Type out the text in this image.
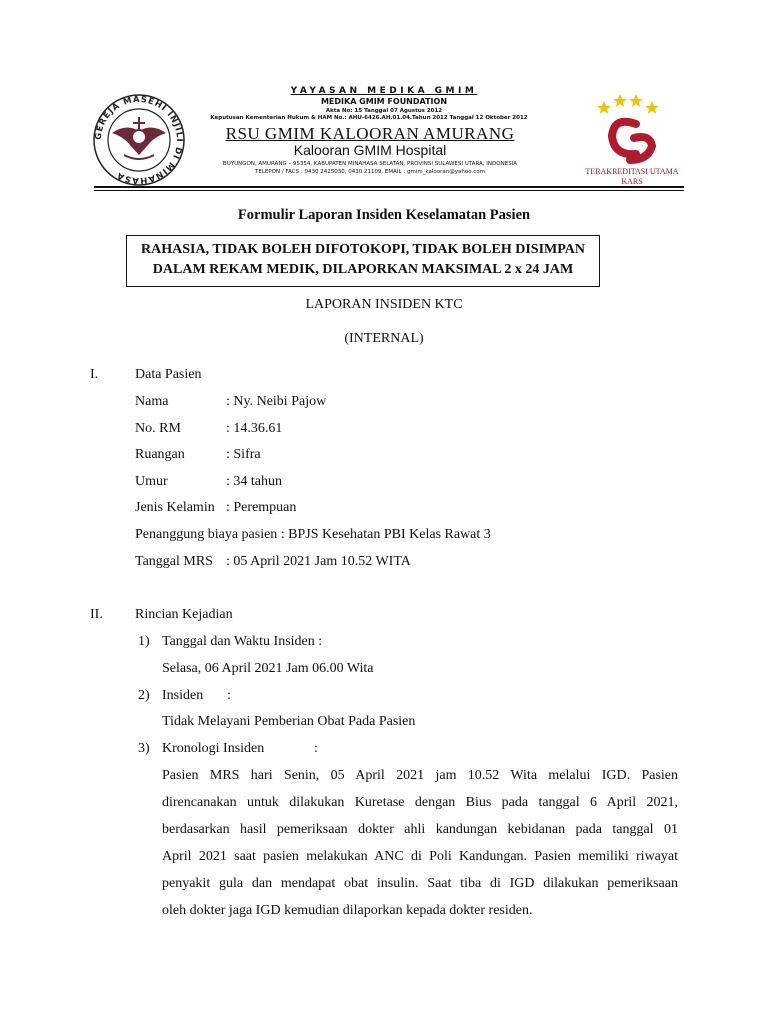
GEREJA MASEHI INJILI DI MINAHASA	TERAKREDITASI UTAMA
KARS
YAYASAN MEDIKA GMIM
MEDIKA GMIM FOUNDATION
Akta No: 15 Tanggal 07 Agustus 2012
Keputusan Kementerian Hukum & HAM No.: AHU-6426.AH.01.04.Tahun 2012 Tanggal 12 Oktober 2012
RSU GMIM KALOORAN AMURANG
Kalooran GMIM Hospital
BUYUNGON, AMURANG – 95354, KABUPATEN MINAHASA SELATAN, PROVINSI SULAWESI UTARA, INDONESIA
TELEPON / FACS : 0430 2425030, 0430 21109, EMAIL : gmim_kalooran@yahoo.com
Formulir Laporan Insiden Keselamatan Pasien
RAHASIA, TIDAK BOLEH DIFOTOKOPI, TIDAK BOLEH DISIMPAN
DALAM REKAM MEDIK, DILAPORKAN MAKSIMAL 2 x 24 JAM
LAPORAN INSIDEN KTC
(INTERNAL)
I.	Data Pasien
Nama	: Ny. Neibi Pajow
No. RM	: 14.36.61
Ruangan	: Sifra
Umur	: 34 tahun
Jenis Kelamin : Perempuan
Penanggung biaya pasien : BPJS Kesehatan PBI Kelas Rawat 3
Tanggal MRS : 05 April 2021 Jam 10.52 WITA
II. Rincian Kejadian
1) Tanggal dan Waktu Insiden :
Selasa, 06 April 2021 Jam 06.00 Wita
2) Insiden :
Tidak Melayani Pemberian Obat Pada Pasien
3) Kronologi Insiden	:
Pasien MRS hari Senin, 05 April 2021 jam 10.52 Wita melalui IGD. Pasien
direncanakan untuk dilakukan Kuretase dengan Bius pada tanggal 6 April 2021,
berdasarkan hasil pemeriksaan dokter ahli kandungan kebidanan pada tanggal 01
April 2021 saat pasien melakukan ANC di Poli Kandungan. Pasien memiliki riwayat
penyakit gula dan mendapat obat insulin. Saat tiba di IGD dilakukan pemeriksaan
oleh dokter jaga IGD kemudian dilaporkan kepada dokter residen.
